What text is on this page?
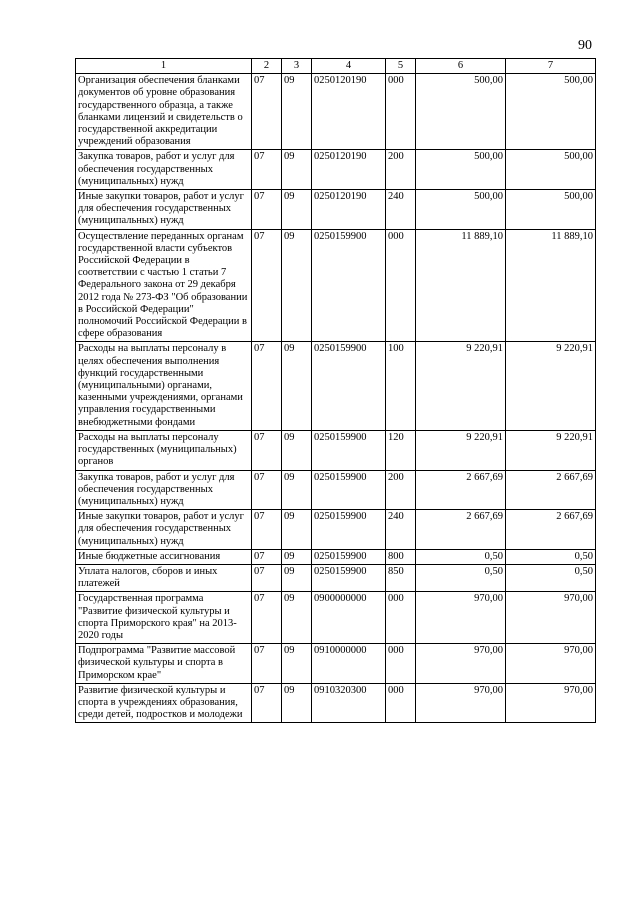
90
1	2	3	4	5	6	7
Организация обеспечения бланками документов об уровне образования государственного образца, а также бланками лицензий и свидетельств о государственной аккредитации учреждений образования	07	09	0250120190	000	500,00	500,00
Закупка товаров, работ и услуг для обеспечения государственных (муниципальных) нужд	07	09	0250120190	200	500,00	500,00
Иные закупки товаров, работ и услуг для обеспечения государственных (муниципальных) нужд	07	09	0250120190	240	500,00	500,00
Осуществление переданных органам государственной власти субъектов Российской Федерации в соответствии с частью 1 статьи 7 Федерального закона от 29 декабря 2012 года № 273-ФЗ "Об образовании в Российской Федерации" полномочий Российской Федерации в сфере образования	07	09	0250159900	000	11 889,10	11 889,10
Расходы на выплаты персоналу в целях обеспечения выполнения функций государственными (муниципальными) органами, казенными учреждениями, органами управления государственными внебюджетными фондами	07	09	0250159900	100	9 220,91	9 220,91
Расходы на выплаты персоналу государственных (муниципальных) органов	07	09	0250159900	120	9 220,91	9 220,91
Закупка товаров, работ и услуг для обеспечения государственных (муниципальных) нужд	07	09	0250159900	200	2 667,69	2 667,69
Иные закупки товаров, работ и услуг для обеспечения государственных (муниципальных) нужд	07	09	0250159900	240	2 667,69	2 667,69
Иные бюджетные ассигнования	07	09	0250159900	800	0,50	0,50
Уплата налогов, сборов и иных платежей	07	09	0250159900	850	0,50	0,50
Государственная программа "Развитие физической культуры и спорта Приморского края" на 2013-2020 годы	07	09	0900000000	000	970,00	970,00
Подпрограмма "Развитие массовой физической культуры и спорта в Приморском крае"	07	09	0910000000	000	970,00	970,00
Развитие физической культуры и спорта в учреждениях образования, среди детей, подростков и молодежи	07	09	0910320300	000	970,00	970,00
